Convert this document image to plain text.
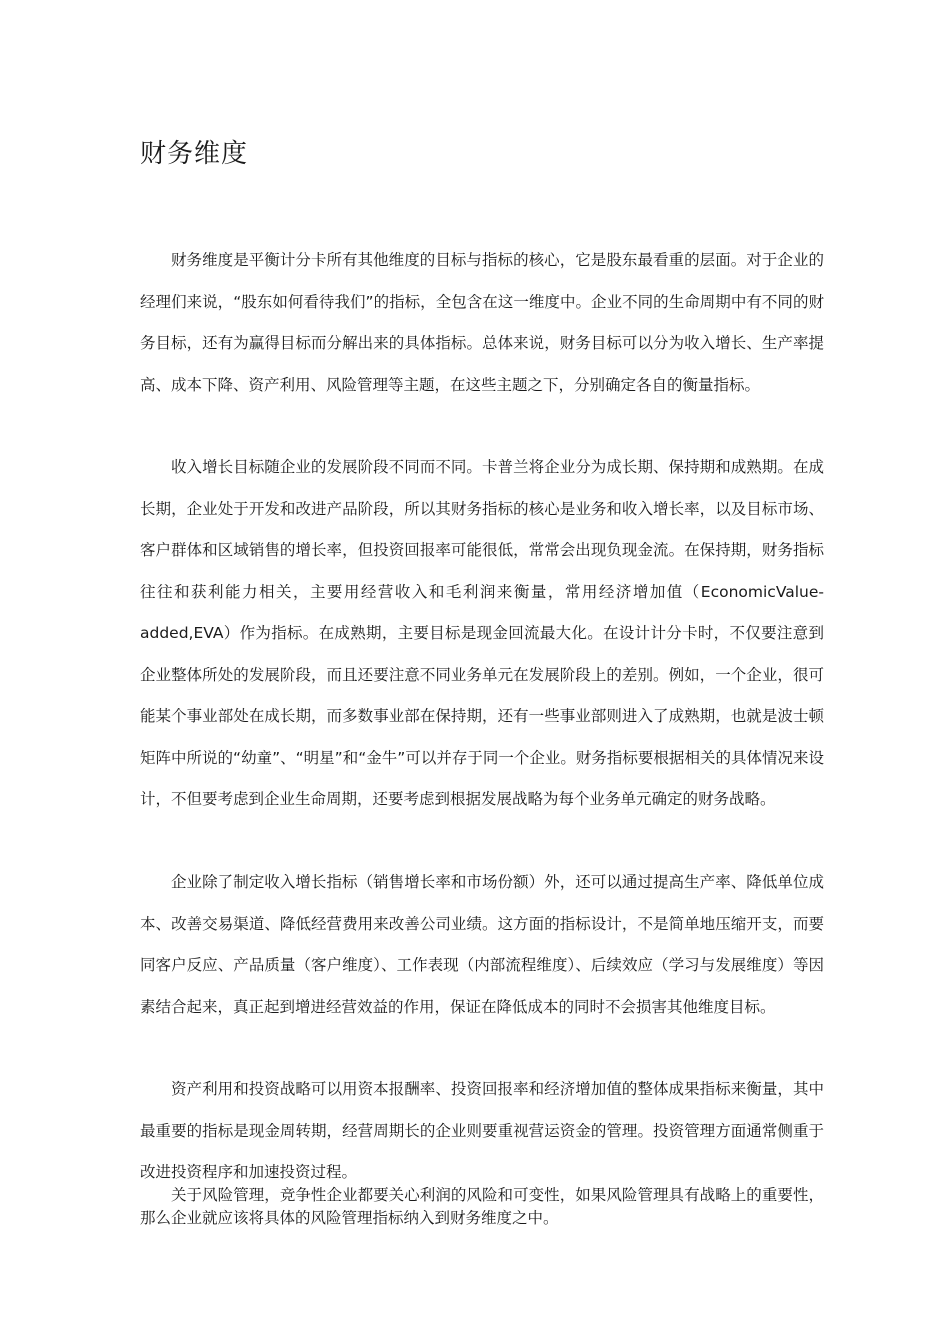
财务维度

财务维度是平衡计分卡所有其他维度的目标与指标的核心，它是股东最看重的层面。对于企业的经理们来说，“股东如何看待我们”的指标，全包含在这一维度中。企业不同的生命周期中有不同的财务目标，还有为赢得目标而分解出来的具体指标。总体来说，财务目标可以分为收入增长、生产率提高、成本下降、资产利用、风险管理等主题，在这些主题之下，分别确定各自的衡量指标。

收入增长目标随企业的发展阶段不同而不同。卡普兰将企业分为成长期、保持期和成熟期。在成长期，企业处于开发和改进产品阶段，所以其财务指标的核心是业务和收入增长率，以及目标市场、客户群体和区域销售的增长率，但投资回报率可能很低，常常会出现负现金流。在保持期，财务指标往往和获利能力相关，主要用经营收入和毛利润来衡量，常用经济增加值（EconomicValue-added,EVA）作为指标。在成熟期，主要目标是现金回流最大化。在设计计分卡时，不仅要注意到企业整体所处的发展阶段，而且还要注意不同业务单元在发展阶段上的差别。例如，一个企业，很可能某个事业部处在成长期，而多数事业部在保持期，还有一些事业部则进入了成熟期，也就是波士顿矩阵中所说的“幼童”、“明星”和“金牛”可以并存于同一个企业。财务指标要根据相关的具体情况来设计，不但要考虑到企业生命周期，还要考虑到根据发展战略为每个业务单元确定的财务战略。

企业除了制定收入增长指标（销售增长率和市场份额）外，还可以通过提高生产率、降低单位成本、改善交易渠道、降低经营费用来改善公司业绩。这方面的指标设计，不是简单地压缩开支，而要同客户反应、产品质量（客户维度）、工作表现（内部流程维度）、后续效应（学习与发展维度）等因素结合起来，真正起到增进经营效益的作用，保证在降低成本的同时不会损害其他维度目标。

资产利用和投资战略可以用资本报酬率、投资回报率和经济增加值的整体成果指标来衡量，其中最重要的指标是现金周转期，经营周期长的企业则要重视营运资金的管理。投资管理方面通常侧重于改进投资程序和加速投资过程。

关于风险管理，竞争性企业都要关心利润的风险和可变性，如果风险管理具有战略上的重要性，那么企业就应该将具体的风险管理指标纳入到财务维度之中。
